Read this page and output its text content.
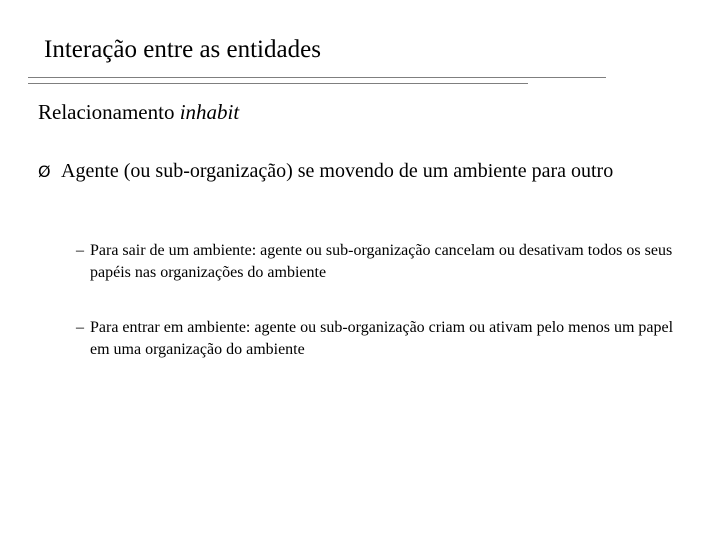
Interação entre as entidades
Relacionamento inhabit
Ø Agente (ou sub-organização) se movendo de um ambiente para outro
– Para sair de um ambiente: agente ou sub-organização cancelam ou desativam todos os seus papéis nas organizações do ambiente
– Para entrar em ambiente: agente ou sub-organização criam ou ativam pelo menos um papel em uma organização do ambiente
